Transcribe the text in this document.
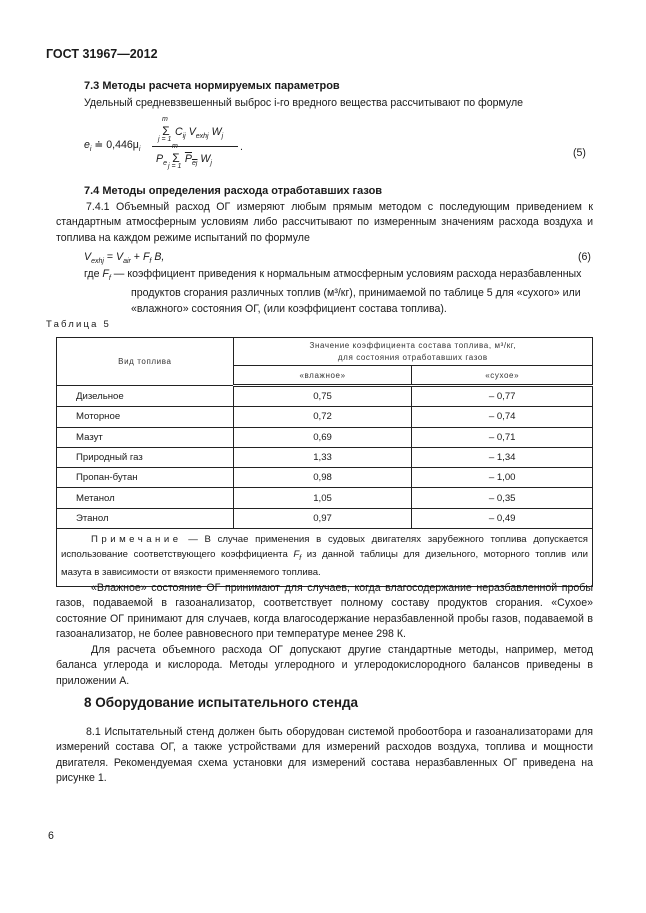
ГОСТ 31967—2012
7.3 Методы расчета нормируемых параметров
Удельный средневзвешенный выброс i-го вредного вещества рассчитывают по формуле
$e_i$ ≐ $0,446\mu_i$
Σ
m
j = 1
$C_{ij}$ $V_{exhj}$ $W_j$
$P_e$ Σ
m
j = 1
$P_{ej}$ $W_j$
.	(5)
7.4 Методы определения расхода отработавших газов
7.4.1 Объемный расход ОГ измеряют любым прямым методом с последующим приведением к стандартным атмосферным условиям либо рассчитывают по измеренным значениям расхода воздуха и топлива на каждом режиме испытаний по формуле
$V_{exhj} = V_{air} + F_f$ B,	(6)
где $F_f$ — коэффициент приведения к нормальным атмосферным условиям расхода неразбавленных
продуктов сгорания различных топлив (м³/кг), принимаемой по таблице 5 для «сухого» или
«влажного» состояния ОГ, (или коэффициент состава топлива).
Таблица 5
Вид топлива	Значение коэффициента состава топлива, м³/кг,
для состояния отработавших газов	

	«влажное»	«сухое»
Дизельное	0,75	– 0,77
Моторное	0,72	– 0,74
Мазут	0,69	– 0,71
Природный газ	1,33	– 1,34
Пропан-бутан	0,98	– 1,00
Метанол	1,05	– 0,35
Этанол	0,97	– 0,49
Примечание — В случае применения в судовых двигателях зарубежного топлива допускается использование соответствующего коэффициента $F_f$ из данной таблицы для дизельного, моторного топлив или мазута в зависимости от вязкости применяемого топлива.		
«Влажное» состояние ОГ принимают для случаев, когда влагосодержание неразбавленной пробы газов, подаваемой в газоанализатор, соответствует полному составу продуктов сгорания. «Сухое» состояние ОГ принимают для случаев, когда влагосодержание неразбавленной пробы газов, подаваемой в газоанализатор, не более равновесного при температуре менее 298 К.
Для расчета объемного расхода ОГ допускают другие стандартные методы, например, метод баланса углерода и кислорода. Методы углеродного и углеродокислородного балансов приведены в приложении А.
8 Оборудование испытательного стенда
8.1 Испытательный стенд должен быть оборудован системой пробоотбора и газоанализаторами для измерений состава ОГ, а также устройствами для измерений расходов воздуха, топлива и мощности двигателя. Рекомендуемая схема установки для измерений состава неразбавленных ОГ приведена на рисунке 1.
6
